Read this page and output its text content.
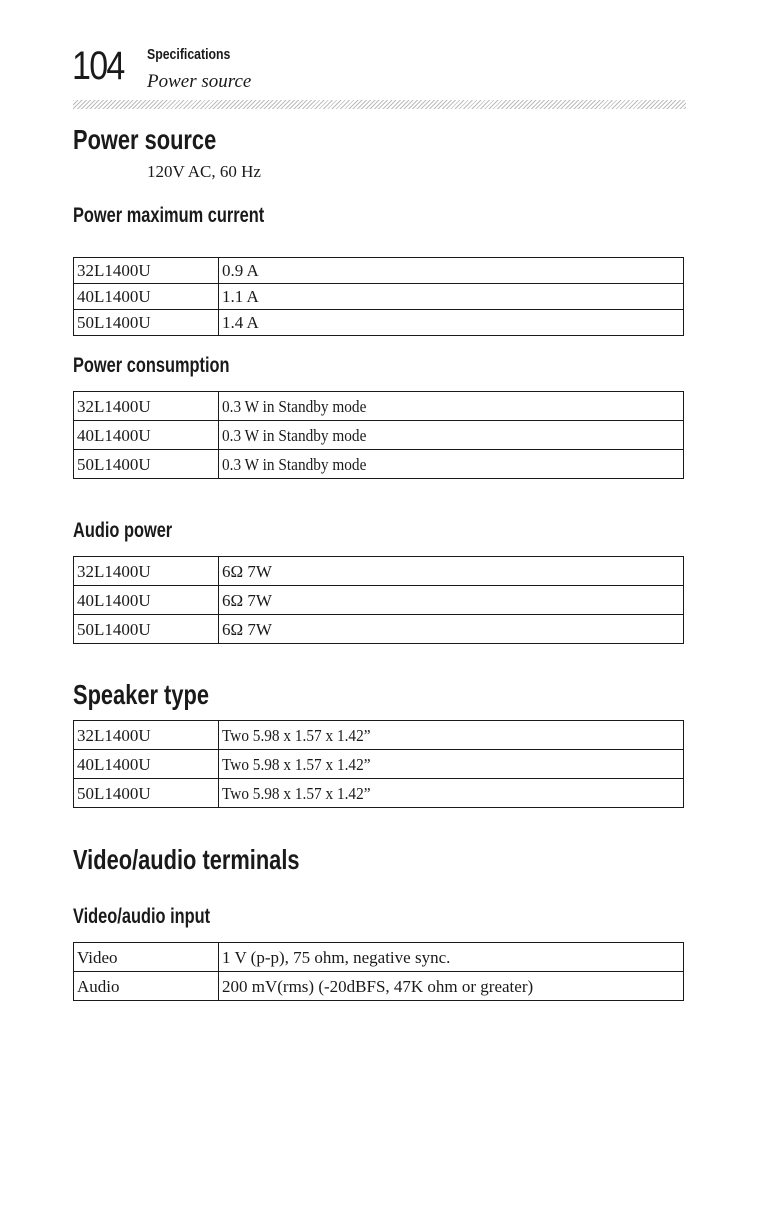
104 Specifications
Power source
Power source
120V AC, 60 Hz
Power maximum current
32L1400U	0.9 A
40L1400U	1.1 A
50L1400U	1.4 A
Power consumption
32L1400U	0.3 W in Standby mode
40L1400U	0.3 W in Standby mode
50L1400U	0.3 W in Standby mode
Audio power
32L1400U	6Ω 7W
40L1400U	6Ω 7W
50L1400U	6Ω 7W
Speaker type
32L1400U	Two 5.98 x 1.57 x 1.42”
40L1400U	Two 5.98 x 1.57 x 1.42”
50L1400U	Two 5.98 x 1.57 x 1.42”
Video/audio terminals
Video/audio input
Video	1 V (p-p), 75 ohm, negative sync.
Audio	200 mV(rms) (-20dBFS, 47K ohm or greater)
